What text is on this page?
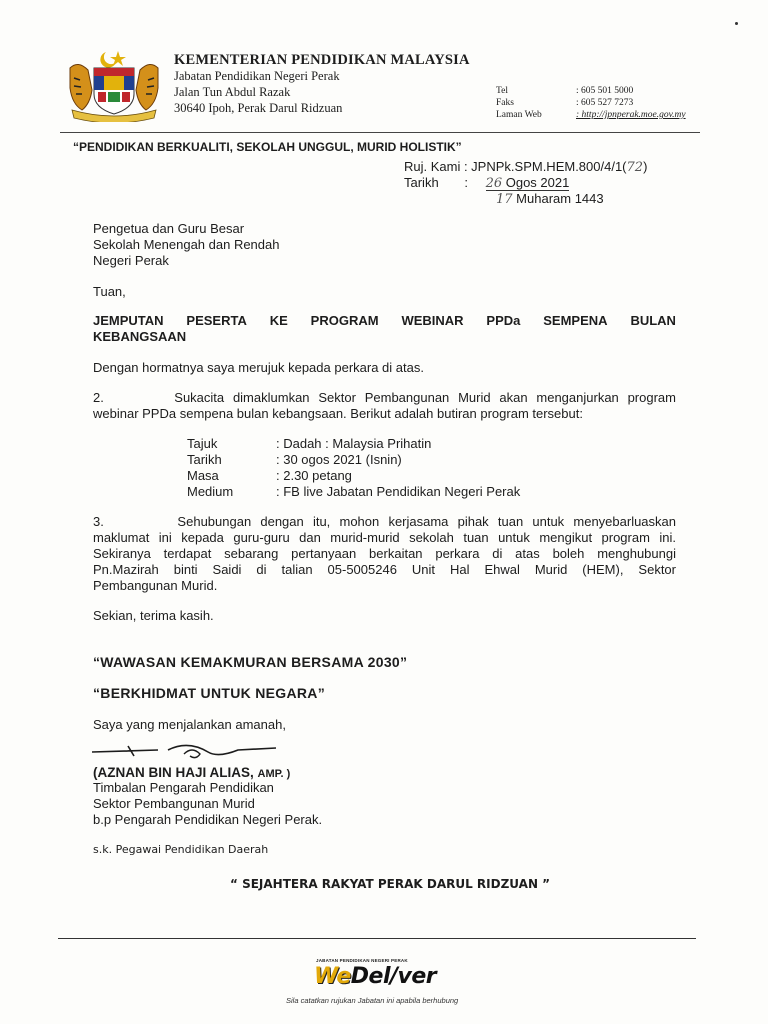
KEMENTERIAN PENDIDIKAN MALAYSIA
Jabatan Pendidikan Negeri Perak
Jalan Tun Abdul Razak
30640 Ipoh, Perak Darul Ridzuan
Tel	: 605 501 5000
Faks	: 605 527 7273
Laman Web	: http://jpnperak.moe.gov.my
“PENDIDIKAN BERKUALITI, SEKOLAH UNGGUL, MURID HOLISTIK”
Ruj. Kami : JPNPk.SPM.HEM.800/4/1(72)
Tarikh : 26 Ogos 2021
17 Muharam 1443
Pengetua dan Guru Besar
Sekolah Menengah dan Rendah
Negeri Perak
Tuan,
JEMPUTAN PESERTA KE PROGRAM WEBINAR PPDa SEMPENA BULAN
KEBANGSAAN
Dengan hormatnya saya merujuk kepada perkara di atas.
2.        Sukacita dimaklumkan Sektor Pembangunan Murid akan menganjurkan program
webinar PPDa sempena bulan kebangsaan. Berikut adalah butiran program tersebut:
Tajuk	: Dadah : Malaysia Prihatin
Tarikh	: 30 ogos 2021 (Isnin)
Masa	: 2.30 petang
Medium	: FB live Jabatan Pendidikan Negeri Perak
3.        Sehubungan dengan itu, mohon kerjasama pihak tuan untuk menyebarluaskan
maklumat ini kepada guru-guru dan murid-murid sekolah tuan untuk mengikut program ini.
Sekiranya terdapat sebarang pertanyaan berkaitan perkara di atas boleh menghubungi
Pn.Mazirah binti Saidi di talian 05-5005246 Unit Hal Ehwal Murid (HEM), Sektor
Pembangunan Murid.
Sekian, terima kasih.
“WAWASAN KEMAKMURAN BERSAMA 2030”
“BERKHIDMAT UNTUK NEGARA”
Saya yang menjalankan amanah,
(AZNAN BIN HAJI ALIAS, AMP. )
Timbalan Pengarah Pendidikan
Sektor Pembangunan Murid
b.p Pengarah Pendidikan Negeri Perak.
s.k. Pegawai Pendidikan Daerah
“ SEJAHTERA RAKYAT PERAK DARUL RIDZUAN ”
JABATAN PENDIDIKAN NEGERI PERAK
WeDel/ver
Sila catatkan rujukan Jabatan ini apabila berhubung
